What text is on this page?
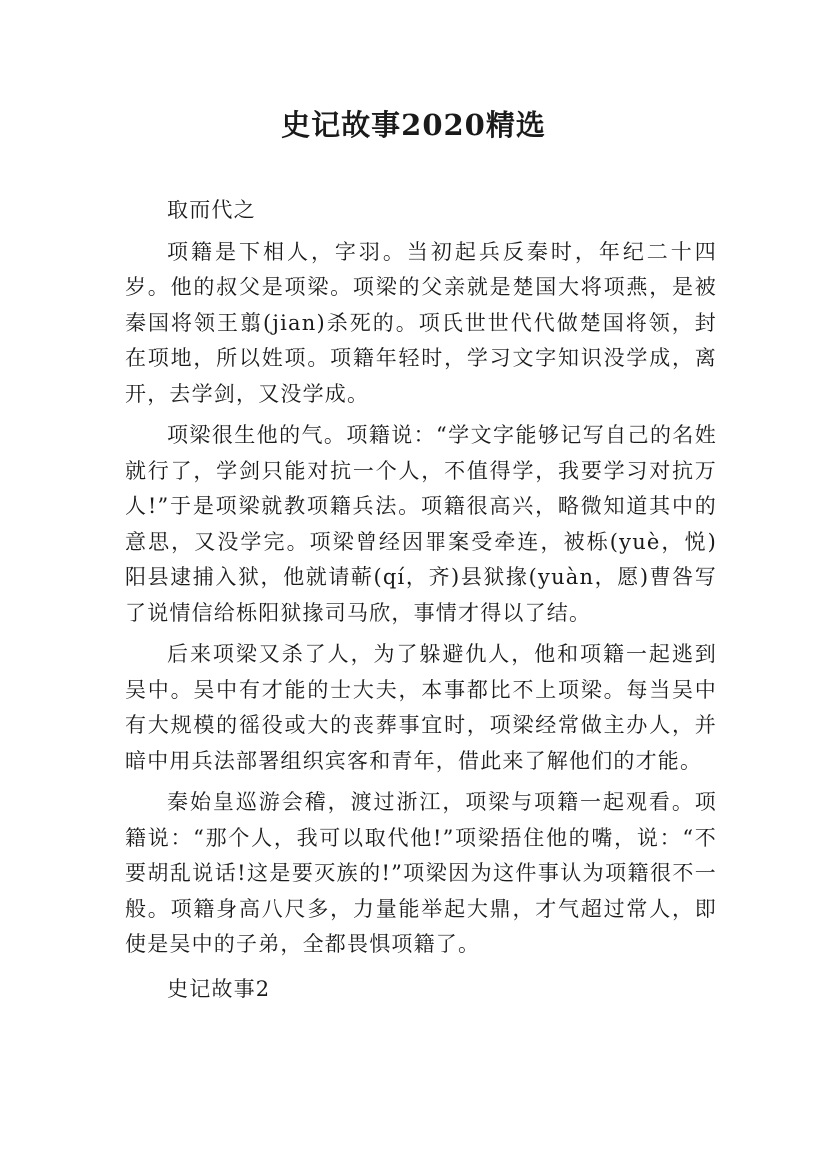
史记故事2020精选

取而代之

项籍是下相人，字羽。当初起兵反秦时，年纪二十四岁。他的叔父是项梁。项梁的父亲就是楚国大将项燕，是被秦国将领王翦(jian)杀死的。项氏世世代代做楚国将领，封在项地，所以姓项。项籍年轻时，学习文字知识没学成，离开，去学剑，又没学成。

项梁很生他的气。项籍说：“学文字能够记写自己的名姓就行了，学剑只能对抗一个人，不值得学，我要学习对抗万人!”于是项梁就教项籍兵法。项籍很高兴，略微知道其中的意思，又没学完。项梁曾经因罪案受牵连，被栎(yuè，悦)阳县逮捕入狱，他就请蕲(qí，齐)县狱掾(yuàn，愿)曹咎写了说情信给栎阳狱掾司马欣，事情才得以了结。

后来项梁又杀了人，为了躲避仇人，他和项籍一起逃到吴中。吴中有才能的士大夫，本事都比不上项梁。每当吴中有大规模的徭役或大的丧葬事宜时，项梁经常做主办人，并暗中用兵法部署组织宾客和青年，借此来了解他们的才能。

秦始皇巡游会稽，渡过浙江，项梁与项籍一起观看。项籍说：“那个人，我可以取代他!”项梁捂住他的嘴，说：“不要胡乱说话!这是要灭族的!”项梁因为这件事认为项籍很不一般。项籍身高八尺多，力量能举起大鼎，才气超过常人，即使是吴中的子弟，全都畏惧项籍了。

史记故事2
